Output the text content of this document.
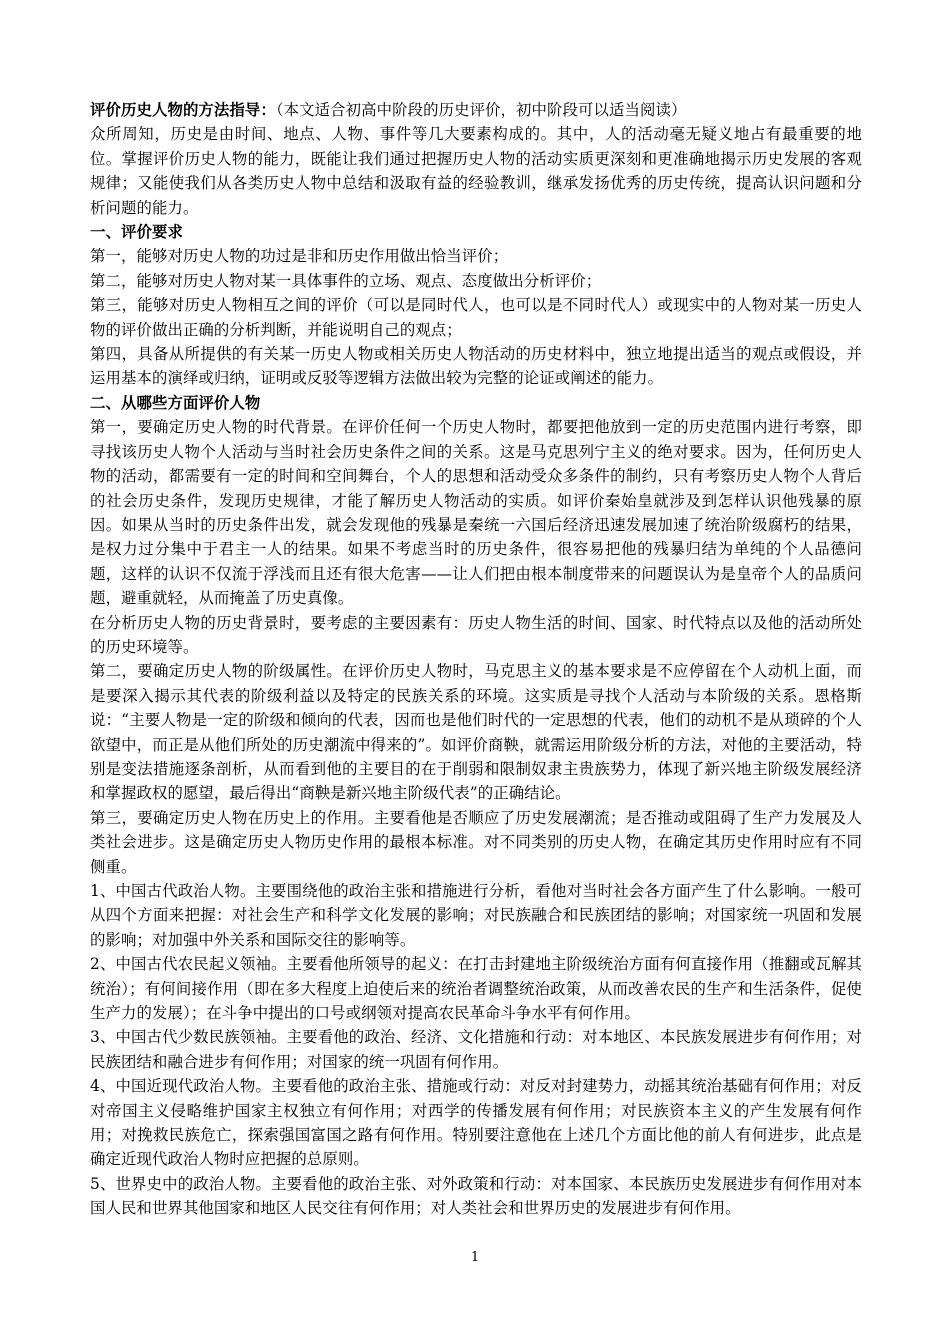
评价历史人物的方法指导：（本文适合初高中阶段的历史评价，初中阶段可以适当阅读）

众所周知，历史是由时间、地点、人物、事件等几大要素构成的。其中，人的活动毫无疑义地占有最重要的地位。掌握评价历史人物的能力，既能让我们通过把握历史人物的活动实质更深刻和更准确地揭示历史发展的客观规律；又能使我们从各类历史人物中总结和汲取有益的经验教训，继承发扬优秀的历史传统，提高认识问题和分析问题的能力。

一、评价要求

第一，能够对历史人物的功过是非和历史作用做出恰当评价；

第二，能够对历史人物对某一具体事件的立场、观点、态度做出分析评价；

第三，能够对历史人物相互之间的评价（可以是同时代人，也可以是不同时代人）或现实中的人物对某一历史人物的评价做出正确的分析判断，并能说明自己的观点；

第四，具备从所提供的有关某一历史人物或相关历史人物活动的历史材料中，独立地提出适当的观点或假设，并运用基本的演绎或归纳，证明或反驳等逻辑方法做出较为完整的论证或阐述的能力。

二、从哪些方面评价人物

第一，要确定历史人物的时代背景。在评价任何一个历史人物时，都要把他放到一定的历史范围内进行考察，即寻找该历史人物个人活动与当时社会历史条件之间的关系。这是马克思列宁主义的绝对要求。因为，任何历史人物的活动，都需要有一定的时间和空间舞台，个人的思想和活动受众多条件的制约，只有考察历史人物个人背后的社会历史条件，发现历史规律，才能了解历史人物活动的实质。如评价秦始皇就涉及到怎样认识他残暴的原因。如果从当时的历史条件出发，就会发现他的残暴是秦统一六国后经济迅速发展加速了统治阶级腐朽的结果，是权力过分集中于君主一人的结果。如果不考虑当时的历史条件，很容易把他的残暴归结为单纯的个人品德问题，这样的认识不仅流于浮浅而且还有很大危害——让人们把由根本制度带来的问题误认为是皇帝个人的品质问题，避重就轻，从而掩盖了历史真像。

在分析历史人物的历史背景时，要考虑的主要因素有：历史人物生活的时间、国家、时代特点以及他的活动所处的历史环境等。

第二，要确定历史人物的阶级属性。在评价历史人物时，马克思主义的基本要求是不应停留在个人动机上面，而是要深入揭示其代表的阶级利益以及特定的民族关系的环境。这实质是寻找个人活动与本阶级的关系。恩格斯说：“主要人物是一定的阶级和倾向的代表，因而也是他们时代的一定思想的代表，他们的动机不是从琐碎的个人欲望中，而正是从他们所处的历史潮流中得来的”。如评价商鞅，就需运用阶级分析的方法，对他的主要活动，特别是变法措施逐条剖析，从而看到他的主要目的在于削弱和限制奴隶主贵族势力，体现了新兴地主阶级发展经济和掌握政权的愿望，最后得出“商鞅是新兴地主阶级代表”的正确结论。

第三，要确定历史人物在历史上的作用。主要看他是否顺应了历史发展潮流；是否推动或阻碍了生产力发展及人类社会进步。这是确定历史人物历史作用的最根本标准。对不同类别的历史人物，在确定其历史作用时应有不同侧重。

1、中国古代政治人物。主要围绕他的政治主张和措施进行分析，看他对当时社会各方面产生了什么影响。一般可从四个方面来把握：对社会生产和科学文化发展的影响；对民族融合和民族团结的影响；对国家统一巩固和发展的影响；对加强中外关系和国际交往的影响等。

2、中国古代农民起义领袖。主要看他所领导的起义：在打击封建地主阶级统治方面有何直接作用（推翻或瓦解其统治）；有何间接作用（即在多大程度上迫使后来的统治者调整统治政策，从而改善农民的生产和生活条件，促使生产力的发展）；在斗争中提出的口号或纲领对提高农民革命斗争水平有何作用。

3、中国古代少数民族领袖。主要看他的政治、经济、文化措施和行动：对本地区、本民族发展进步有何作用；对民族团结和融合进步有何作用；对国家的统一巩固有何作用。

4、中国近现代政治人物。主要看他的政治主张、措施或行动：对反对封建势力，动摇其统治基础有何作用；对反对帝国主义侵略维护国家主权独立有何作用；对西学的传播发展有何作用；对民族资本主义的产生发展有何作用；对挽救民族危亡，探索强国富国之路有何作用。特别要注意他在上述几个方面比他的前人有何进步，此点是确定近现代政治人物时应把握的总原则。

5、世界史中的政治人物。主要看他的政治主张、对外政策和行动：对本国家、本民族历史发展进步有何作用对本国人民和世界其他国家和地区人民交往有何作用；对人类社会和世界历史的发展进步有何作用。

1
